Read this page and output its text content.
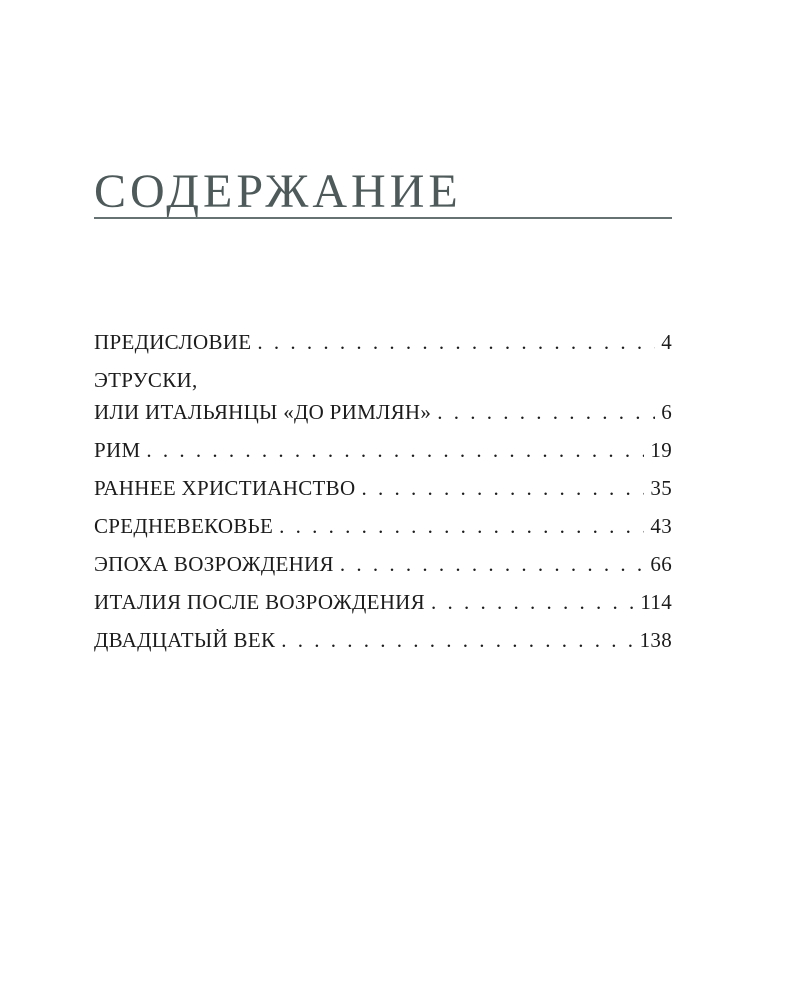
СОДЕРЖАНИЕ
ПРЕДИСЛОВИЕ . . .	4
ЭТРУСКИ,
ИЛИ ИТАЛЬЯНЦЫ «ДО РИМЛЯН» . . .	6
РИМ . . .	19
РАННЕЕ ХРИСТИАНСТВО . . .	35
СРЕДНЕВЕКОВЬЕ . . .	43
ЭПОХА ВОЗРОЖДЕНИЯ . . .	66
ИТАЛИЯ ПОСЛЕ ВОЗРОЖДЕНИЯ . . .	114
ДВАДЦАТЫЙ ВЕК . . .	138
